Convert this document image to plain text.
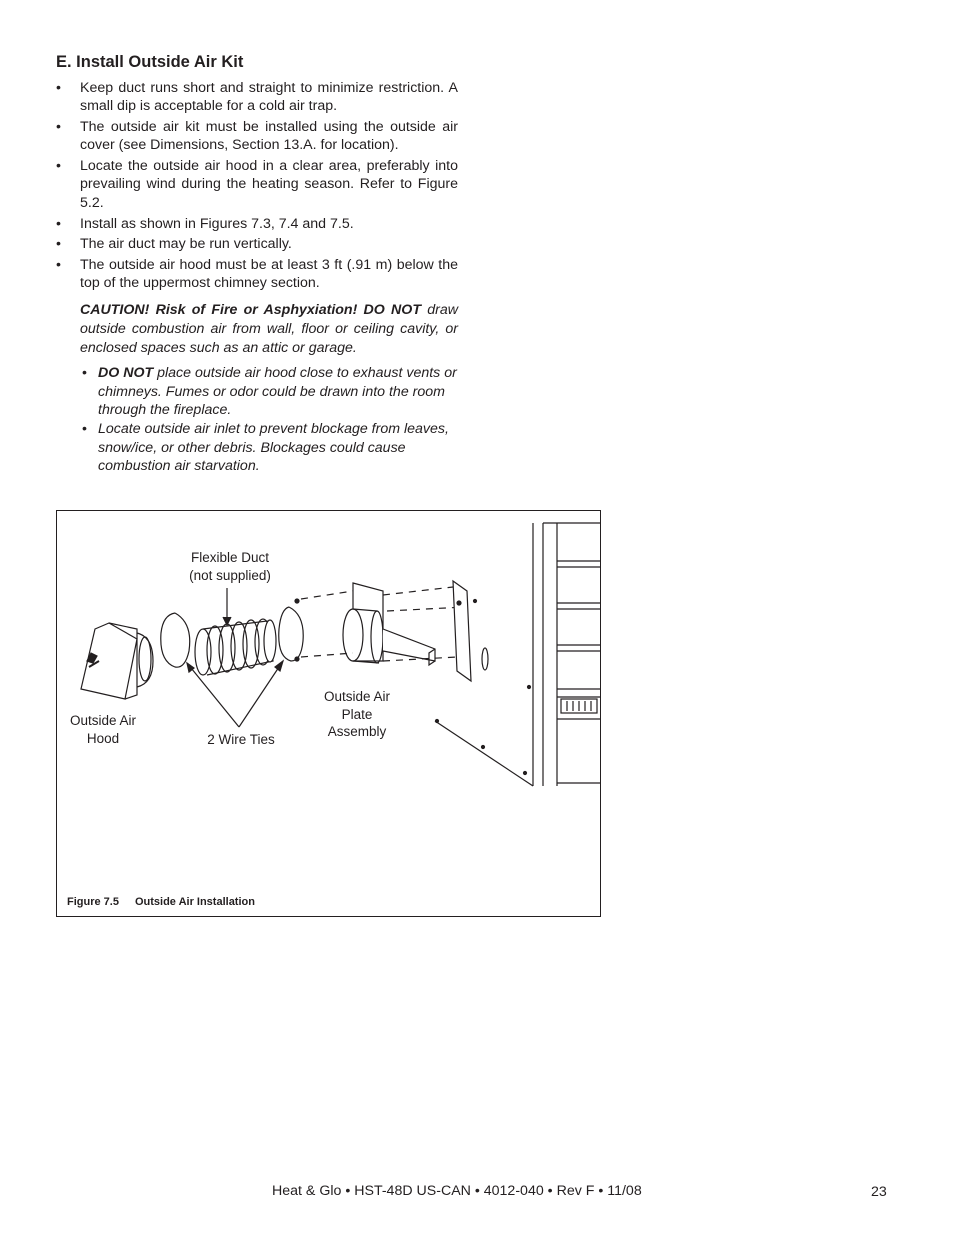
E. Install Outside Air Kit
• Keep duct runs short and straight to minimize restriction. A small dip is acceptable for a cold air trap.
• The outside air kit must be installed using the outside air cover (see Dimensions, Section 13.A. for location).
• Locate the outside air hood in a clear area, preferably into prevailing wind during the heating season. Refer to Figure 5.2.
• Install as shown in Figures 7.3, 7.4 and 7.5.
• The air duct may be run vertically.
• The outside air hood must be at least 3 ft (.91 m) below the top of the uppermost chimney section.

CAUTION! Risk of Fire or Asphyxiation! DO NOT draw outside combustion air from wall, floor or ceiling cavity, or enclosed spaces such as an attic or garage.

• DO NOT place outside air hood close to exhaust vents or chimneys. Fumes or odor could be drawn into the room through the fireplace.
• Locate outside air inlet to prevent blockage from leaves, snow/ice, or other debris. Blockages could cause combustion air starvation.
Flexible Duct
(not supplied)
Outside Air
Hood	2 Wire Ties
Outside Air
Plate
Assembly
Figure 7.5 Outside Air Installation
Heat & Glo • HST-48D US-CAN • 4012-040 • Rev F • 11/08	23
